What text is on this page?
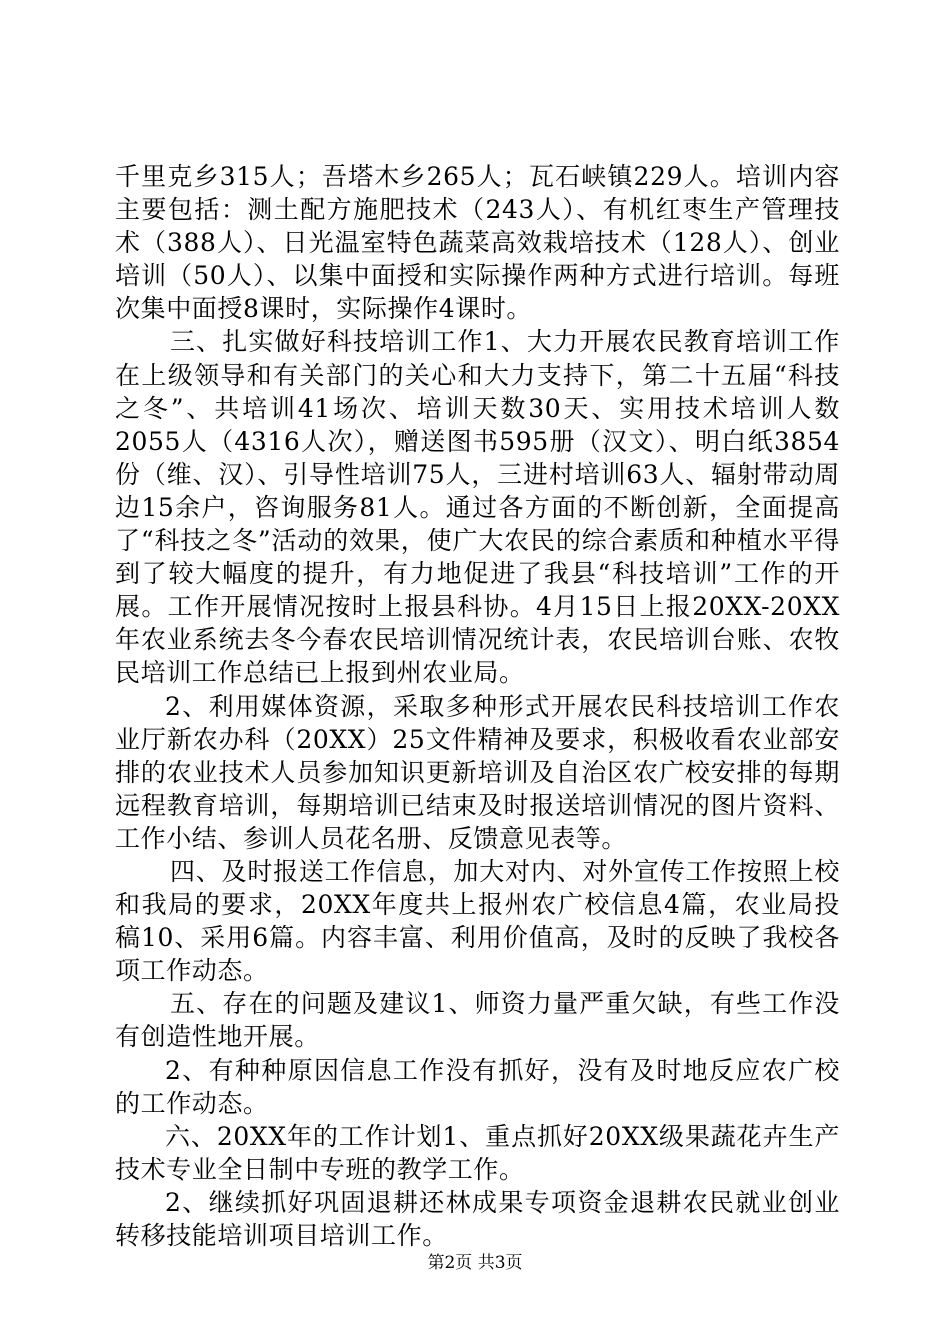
千里克乡315人；吾塔木乡265人；瓦石峡镇229人。培训内容主要包括：测土配方施肥技术（243人）、有机红枣生产管理技术（388人）、日光温室特色蔬菜高效栽培技术（128人）、创业培训（50人）、以集中面授和实际操作两种方式进行培训。每班次集中面授8课时，实际操作4课时。

三、扎实做好科技培训工作1、大力开展农民教育培训工作在上级领导和有关部门的关心和大力支持下，第二十五届“科技之冬”、共培训41场次、培训天数30天、实用技术培训人数2055人（4316人次），赠送图书595册（汉文）、明白纸3854份（维、汉）、引导性培训75人，三进村培训63人、辐射带动周边15余户，咨询服务81人。通过各方面的不断创新，全面提高了“科技之冬”活动的效果，使广大农民的综合素质和种植水平得到了较大幅度的提升，有力地促进了我县“科技培训”工作的开展。工作开展情况按时上报县科协。4月15日上报20XX-20XX年农业系统去冬今春农民培训情况统计表，农民培训台账、农牧民培训工作总结已上报到州农业局。

2、利用媒体资源，采取多种形式开展农民科技培训工作农业厅新农办科（20XX）25文件精神及要求，积极收看农业部安排的农业技术人员参加知识更新培训及自治区农广校安排的每期远程教育培训，每期培训已结束及时报送培训情况的图片资料、工作小结、参训人员花名册、反馈意见表等。

四、及时报送工作信息，加大对内、对外宣传工作按照上校和我局的要求，20XX年度共上报州农广校信息4篇，农业局投稿10、采用6篇。内容丰富、利用价值高，及时的反映了我校各项工作动态。

五、存在的问题及建议1、师资力量严重欠缺，有些工作没有创造性地开展。

2、有种种原因信息工作没有抓好，没有及时地反应农广校的工作动态。

六、20XX年的工作计划1、重点抓好20XX级果蔬花卉生产技术专业全日制中专班的教学工作。

2、继续抓好巩固退耕还林成果专项资金退耕农民就业创业转移技能培训项目培训工作。

第2页 共3页
